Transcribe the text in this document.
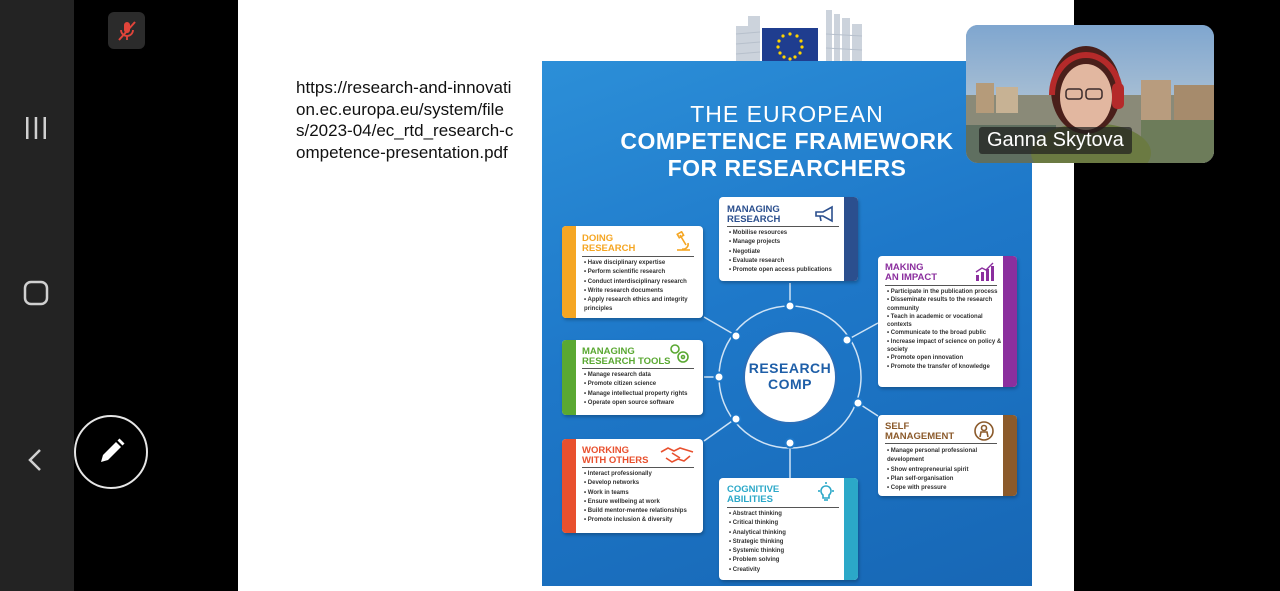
https://research-and-innovation.ec.europa.eu/system/files/2023-04/ec_rtd_research-competence-presentation.pdf
THE EUROPEAN
COMPETENCE FRAMEWORK
FOR RESEARCHERS
RESEARCH
COMP
DOING
RESEARCH
• Have disciplinary expertise
• Perform scientific research
• Conduct interdisciplinary research
• Write research documents
• Apply research ethics and integrity principles
MANAGING
RESEARCH
• Mobilise resources
• Manage projects
• Negotiate
• Evaluate research
• Promote open access publications	MAKING
AN IMPACT
• Participate in the publication process
• Disseminate results to the research community
• Teach in academic or vocational contexts
• Communicate to the broad public
• Increase impact of science on policy & society
• Promote open innovation
• Promote the transfer of knowledge
MANAGING
RESEARCH TOOLS
• Manage research data
• Promote citizen science
• Manage intellectual property rights
• Operate open source software
SELF
MANAGEMENT
• Manage personal professional development
• Show entrepreneurial spirit
• Plan self-organisation
• Cope with pressure
WORKING
WITH OTHERS
• Interact professionally
• Develop networks
• Work in teams
• Ensure wellbeing at work
• Build mentor-mentee relationships
• Promote inclusion & diversity
COGNITIVE
ABILITIES
• Abstract thinking
• Critical thinking
• Analytical thinking
• Strategic thinking
• Systemic thinking
• Problem solving
• Creativity
Ganna Skytova
